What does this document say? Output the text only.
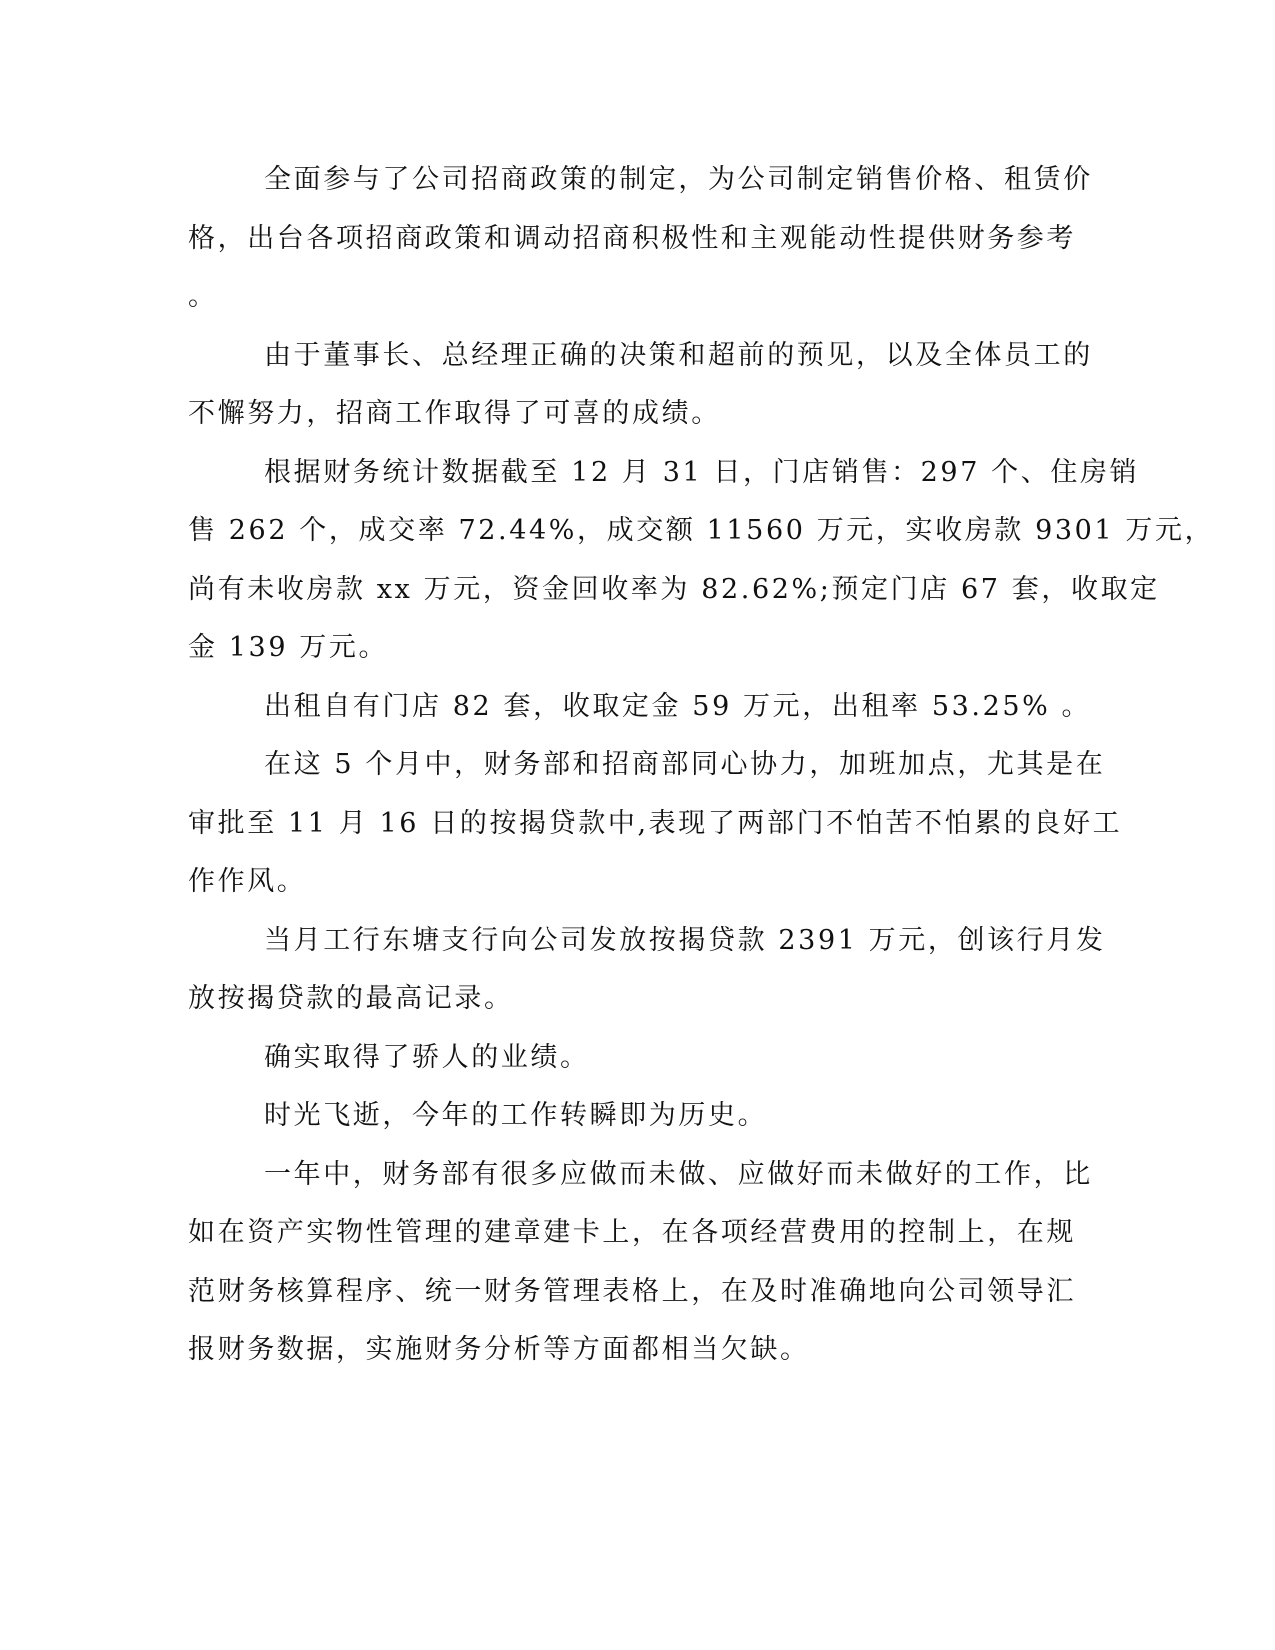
全面参与了公司招商政策的制定，为公司制定销售价格、租赁价
格，出台各项招商政策和调动招商积极性和主观能动性提供财务参考
。
由于董事长、总经理正确的决策和超前的预见，以及全体员工的
不懈努力，招商工作取得了可喜的成绩。
根据财务统计数据截至 12 月 31 日，门店销售：297 个、住房销
售 262 个，成交率 72.44%，成交额 11560 万元，实收房款 9301 万元，
尚有未收房款 xx 万元，资金回收率为 82.62%;预定门店 67 套，收取定
金 139 万元。
出租自有门店 82 套，收取定金 59 万元，出租率 53.25% 。
在这 5 个月中，财务部和招商部同心协力，加班加点，尤其是在
审批至 11 月 16 日的按揭贷款中,表现了两部门不怕苦不怕累的良好工
作作风。
当月工行东塘支行向公司发放按揭贷款 2391 万元，创该行月发
放按揭贷款的最高记录。
确实取得了骄人的业绩。
时光飞逝，今年的工作转瞬即为历史。
一年中，财务部有很多应做而未做、应做好而未做好的工作，比
如在资产实物性管理的建章建卡上，在各项经营费用的控制上，在规
范财务核算程序、统一财务管理表格上，在及时准确地向公司领导汇
报财务数据，实施财务分析等方面都相当欠缺。
